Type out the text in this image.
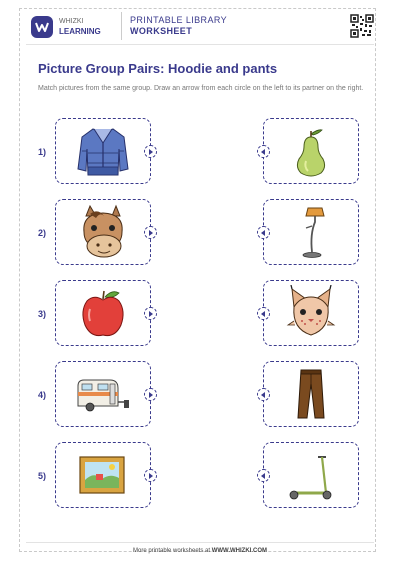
WHIZKI
LEARNING
PRINTABLE LIBRARY
WORKSHEET
Picture Group Pairs: Hoodie and pants

Match pictures from the same group. Draw an arrow from each circle on the left to its partner on the right.

1)
2)
3)
4)
5)
More printable worksheets at WWW.WHIZKI.COM
